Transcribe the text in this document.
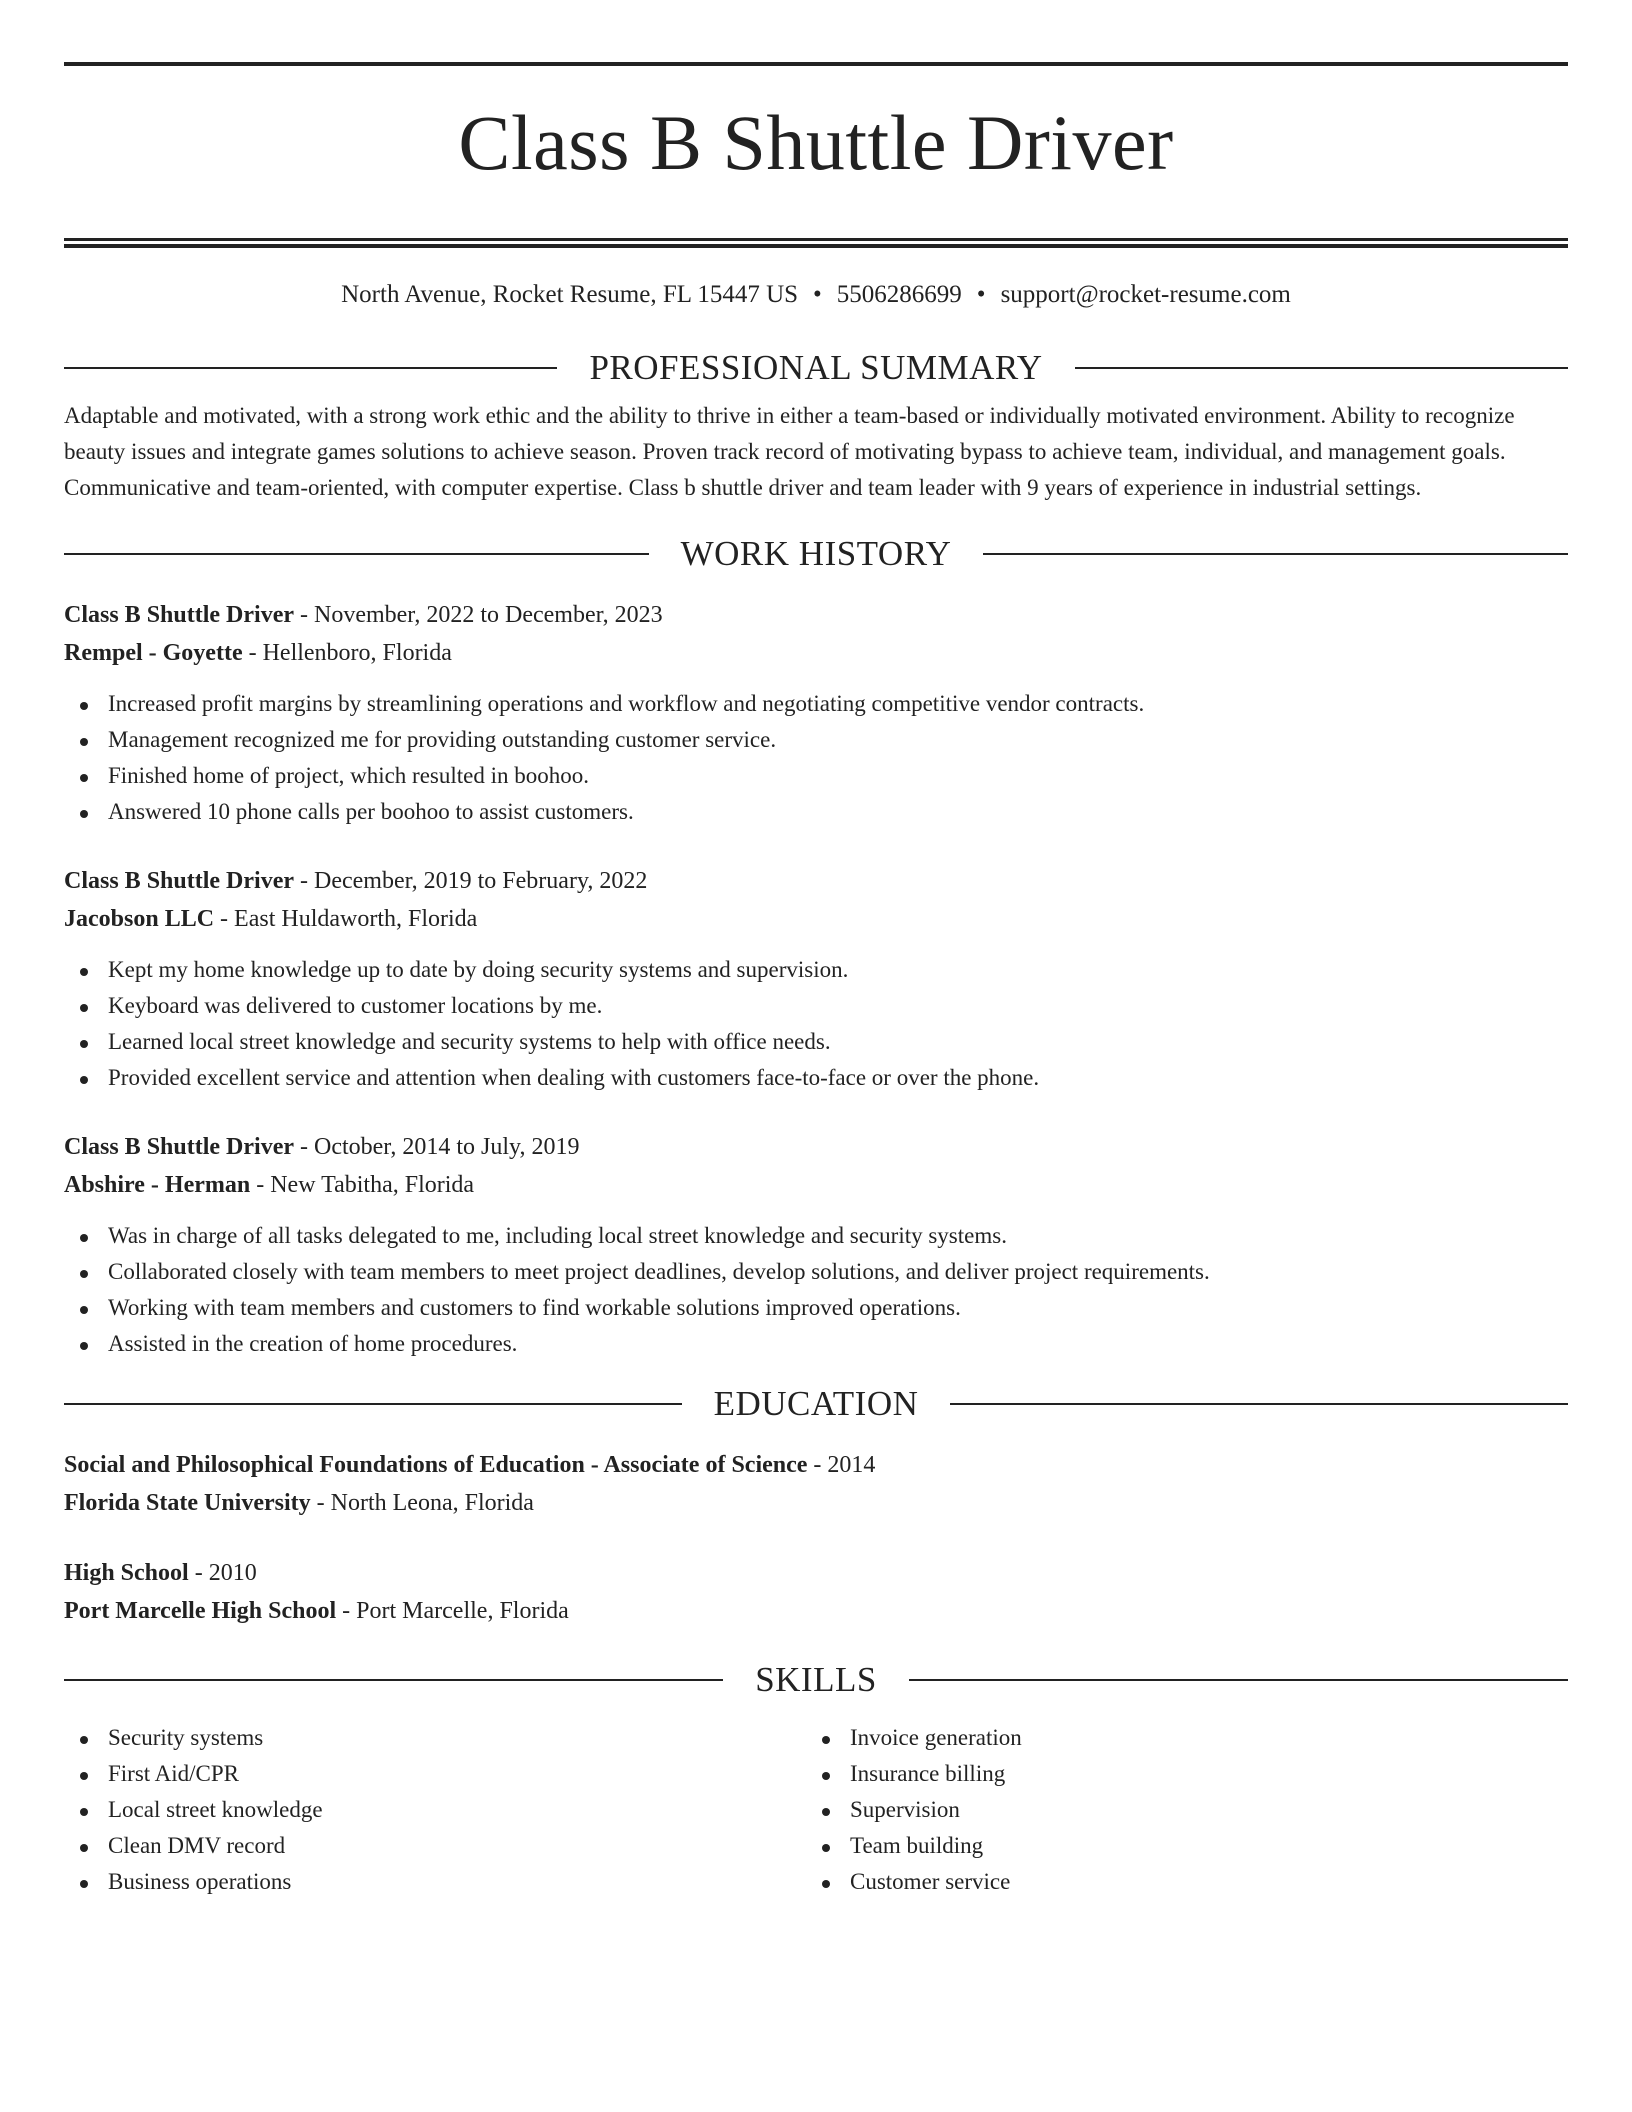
Class B Shuttle Driver
North Avenue, Rocket Resume, FL 15447 US • 5506286699 • support@rocket-resume.com
PROFESSIONAL SUMMARY

Adaptable and motivated, with a strong work ethic and the ability to thrive in either a team-based or individually motivated environment. Ability to recognize beauty issues and integrate games solutions to achieve season. Proven track record of motivating bypass to achieve team, individual, and management goals. Communicative and team-oriented, with computer expertise. Class b shuttle driver and team leader with 9 years of experience in industrial settings.

WORK HISTORY
Class B Shuttle Driver - November, 2022 to December, 2023
Rempel - Goyette - Hellenboro, Florida
Increased profit margins by streamlining operations and workflow and negotiating competitive vendor contracts.
Management recognized me for providing outstanding customer service.
Finished home of project, which resulted in boohoo.
Answered 10 phone calls per boohoo to assist customers.
Class B Shuttle Driver - December, 2019 to February, 2022
Jacobson LLC - East Huldaworth, Florida
Kept my home knowledge up to date by doing security systems and supervision.
Keyboard was delivered to customer locations by me.
Learned local street knowledge and security systems to help with office needs.
Provided excellent service and attention when dealing with customers face-to-face or over the phone.
Class B Shuttle Driver - October, 2014 to July, 2019
Abshire - Herman - New Tabitha, Florida
Was in charge of all tasks delegated to me, including local street knowledge and security systems.
Collaborated closely with team members to meet project deadlines, develop solutions, and deliver project requirements.
Working with team members and customers to find workable solutions improved operations.
Assisted in the creation of home procedures.
EDUCATION
Social and Philosophical Foundations of Education - Associate of Science - 2014
Florida State University - North Leona, Florida
High School - 2010
Port Marcelle High School - Port Marcelle, Florida
SKILLS
Security systems
First Aid/CPR
Local street knowledge
Clean DMV record
Business operations
Invoice generation
Insurance billing
Supervision
Team building
Customer service
